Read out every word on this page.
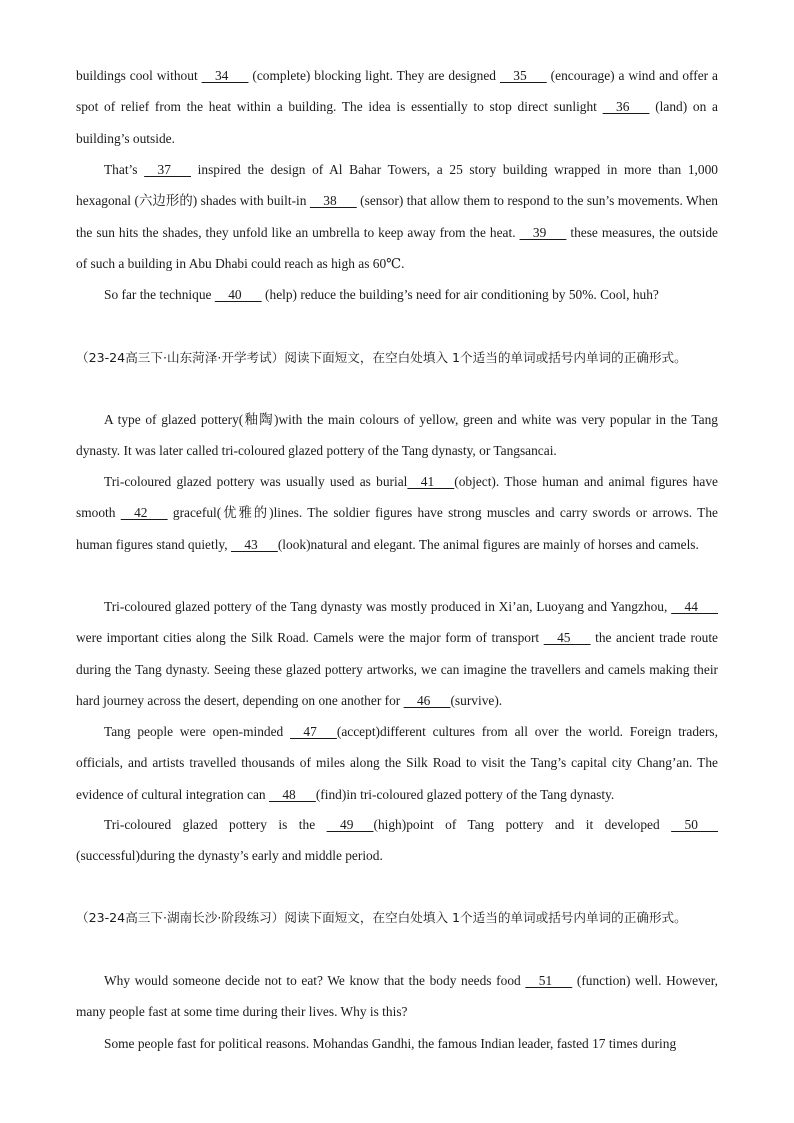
buildings cool without   34    (complete) blocking light. They are designed   35    (encourage) a wind and offer a spot of relief from the heat within a building. The idea is essentially to stop direct sunlight   36    (land) on a building’s outside.

That’s   37    inspired the design of Al Bahar Towers, a 25 story building wrapped in more than 1,000 hexagonal (六边形的) shades with built-in   38    (sensor) that allow them to respond to the sun’s movements. When the sun hits the shades, they unfold like an umbrella to keep away from the heat.   39    these measures, the outside of such a building in Abu Dhabi could reach as high as 60℃.

So far the technique   40    (help) reduce the building’s need for air conditioning by 50%. Cool, huh?

（23-24高三下·山东菏泽·开学考试）阅读下面短文，在空白处填入 1个适当的单词或括号内单词的正确形式。

A type of glazed pottery(釉陶)with the main colours of yellow, green and white was very popular in the Tang dynasty. It was later called tri-coloured glazed pottery of the Tang dynasty, or Tangsancai.

Tri-coloured glazed pottery was usually used as burial  41   (object). Those human and animal figures have smooth   42    graceful(优雅的)lines. The soldier figures have strong muscles and carry swords or arrows. The human figures stand quietly,   43   (look)natural and elegant. The animal figures are mainly of horses and camels.

Tri-coloured glazed pottery of the Tang dynasty was mostly produced in Xi’an, Luoyang and Yangzhou,   44    were important cities along the Silk Road. Camels were the major form of transport   45    the ancient trade route during the Tang dynasty. Seeing these glazed pottery artworks, we can imagine the travellers and camels making their hard journey across the desert, depending on one another for   46   (survive).

Tang people were open-minded   47   (accept)different cultures from all over the world. Foreign traders, officials, and artists travelled thousands of miles along the Silk Road to visit the Tang’s capital city Chang’an. The evidence of cultural integration can   48   (find)in tri-coloured glazed pottery of the Tang dynasty.

Tri-coloured glazed pottery is the   49   (high)point of Tang pottery and it developed   50    (successful)during the dynasty’s early and middle period.

（23-24高三下·湖南长沙·阶段练习）阅读下面短文，在空白处填入 1个适当的单词或括号内单词的正确形式。

Why would someone decide not to eat? We know that the body needs food   51    (function) well. However, many people fast at some time during their lives. Why is this?

Some people fast for political reasons. Mohandas Gandhi, the famous Indian leader, fasted 17 times during
